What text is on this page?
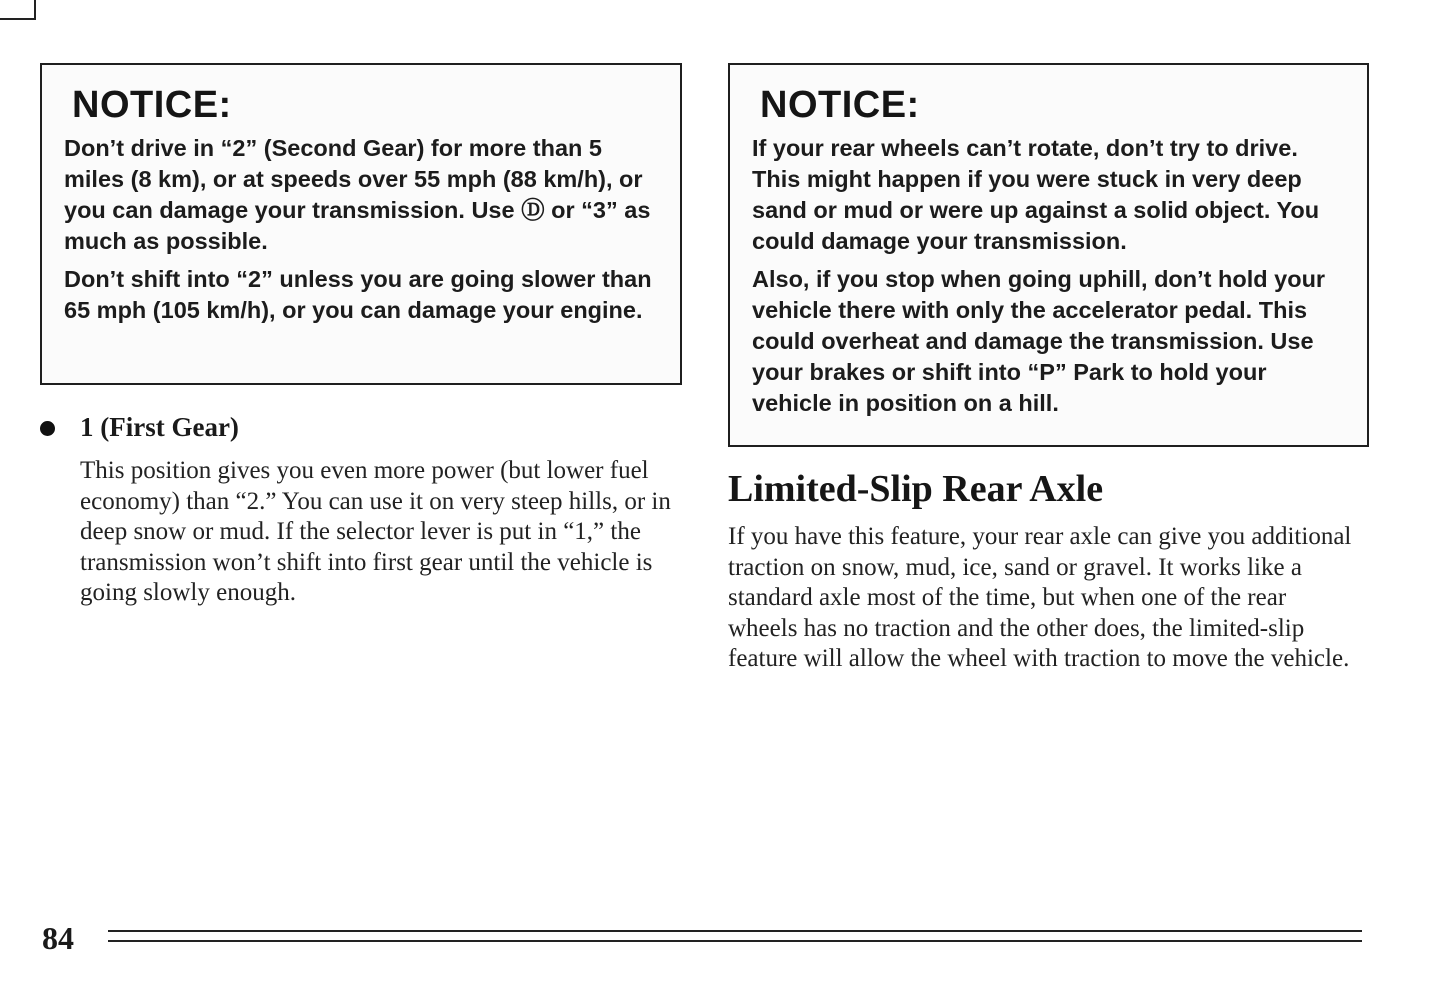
NOTICE:

Don’t drive in “2” (Second Gear) for more than 5 miles (8 km), or at speeds over 55 mph (88 km/h), or you can damage your transmission. Use Ⓓ or “3” as much as possible.

Don’t shift into “2” unless you are going slower than 65 mph (105 km/h), or you can damage your engine.

1 (First Gear)

This position gives you even more power (but lower fuel economy) than “2.” You can use it on very steep hills, or in deep snow or mud. If the selector lever is put in “1,” the transmission won’t shift into first gear until the vehicle is going slowly enough.

NOTICE:

If your rear wheels can’t rotate, don’t try to drive. This might happen if you were stuck in very deep sand or mud or were up against a solid object. You could damage your transmission.

Also, if you stop when going uphill, don’t hold your vehicle there with only the accelerator pedal. This could overheat and damage the transmission. Use your brakes or shift into “P” Park to hold your vehicle in position on a hill.

Limited-Slip Rear Axle

If you have this feature, your rear axle can give you additional traction on snow, mud, ice, sand or gravel. It works like a standard axle most of the time, but when one of the rear wheels has no traction and the other does, the limited-slip feature will allow the wheel with traction to move the vehicle.

84
